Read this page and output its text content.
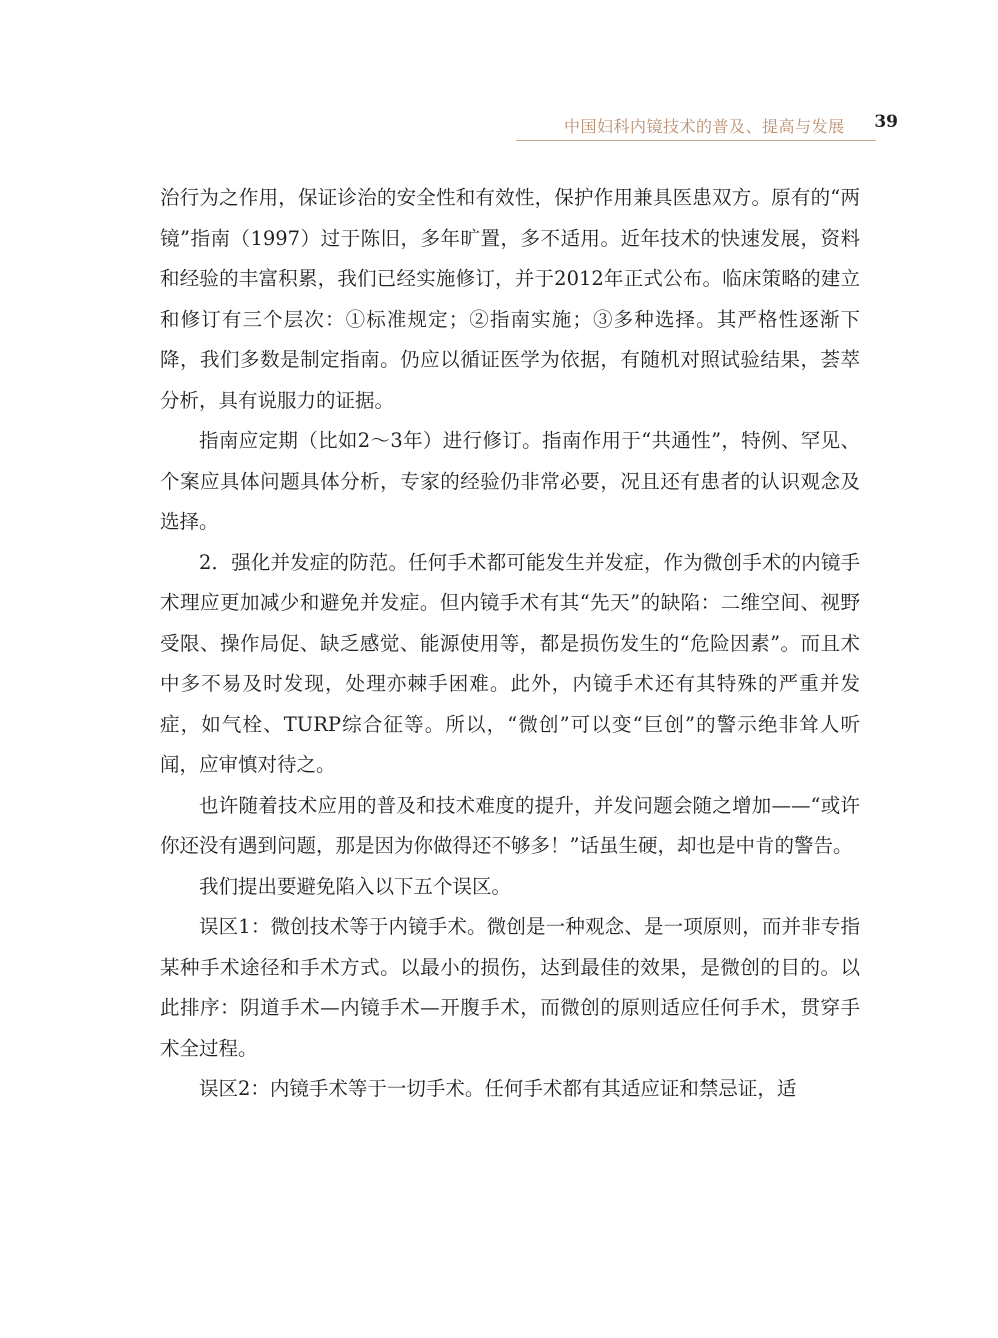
中国妇科内镜技术的普及、提高与发展 39

治行为之作用，保证诊治的安全性和有效性，保护作用兼具医患双方。原有的“两镜”指南（1997）过于陈旧，多年旷置，多不适用。近年技术的快速发展，资料和经验的丰富积累，我们已经实施修订，并于2012年正式公布。临床策略的建立和修订有三个层次：①标准规定；②指南实施；③多种选择。其严格性逐渐下降，我们多数是制定指南。仍应以循证医学为依据，有随机对照试验结果，荟萃分析，具有说服力的证据。

指南应定期（比如2～3年）进行修订。指南作用于“共通性”，特例、罕见、个案应具体问题具体分析，专家的经验仍非常必要，况且还有患者的认识观念及选择。

2．强化并发症的防范。任何手术都可能发生并发症，作为微创手术的内镜手术理应更加减少和避免并发症。但内镜手术有其“先天”的缺陷：二维空间、视野受限、操作局促、缺乏感觉、能源使用等，都是损伤发生的“危险因素”。而且术中多不易及时发现，处理亦棘手困难。此外，内镜手术还有其特殊的严重并发症，如气栓、TURP综合征等。所以，“微创”可以变“巨创”的警示绝非耸人听闻，应审慎对待之。

也许随着技术应用的普及和技术难度的提升，并发问题会随之增加——“或许你还没有遇到问题，那是因为你做得还不够多！”话虽生硬，却也是中肯的警告。

我们提出要避免陷入以下五个误区。

误区1：微创技术等于内镜手术。微创是一种观念、是一项原则，而并非专指某种手术途径和手术方式。以最小的损伤，达到最佳的效果，是微创的目的。以此排序：阴道手术—内镜手术—开腹手术，而微创的原则适应任何手术，贯穿手术全过程。

误区2：内镜手术等于一切手术。任何手术都有其适应证和禁忌证，适
